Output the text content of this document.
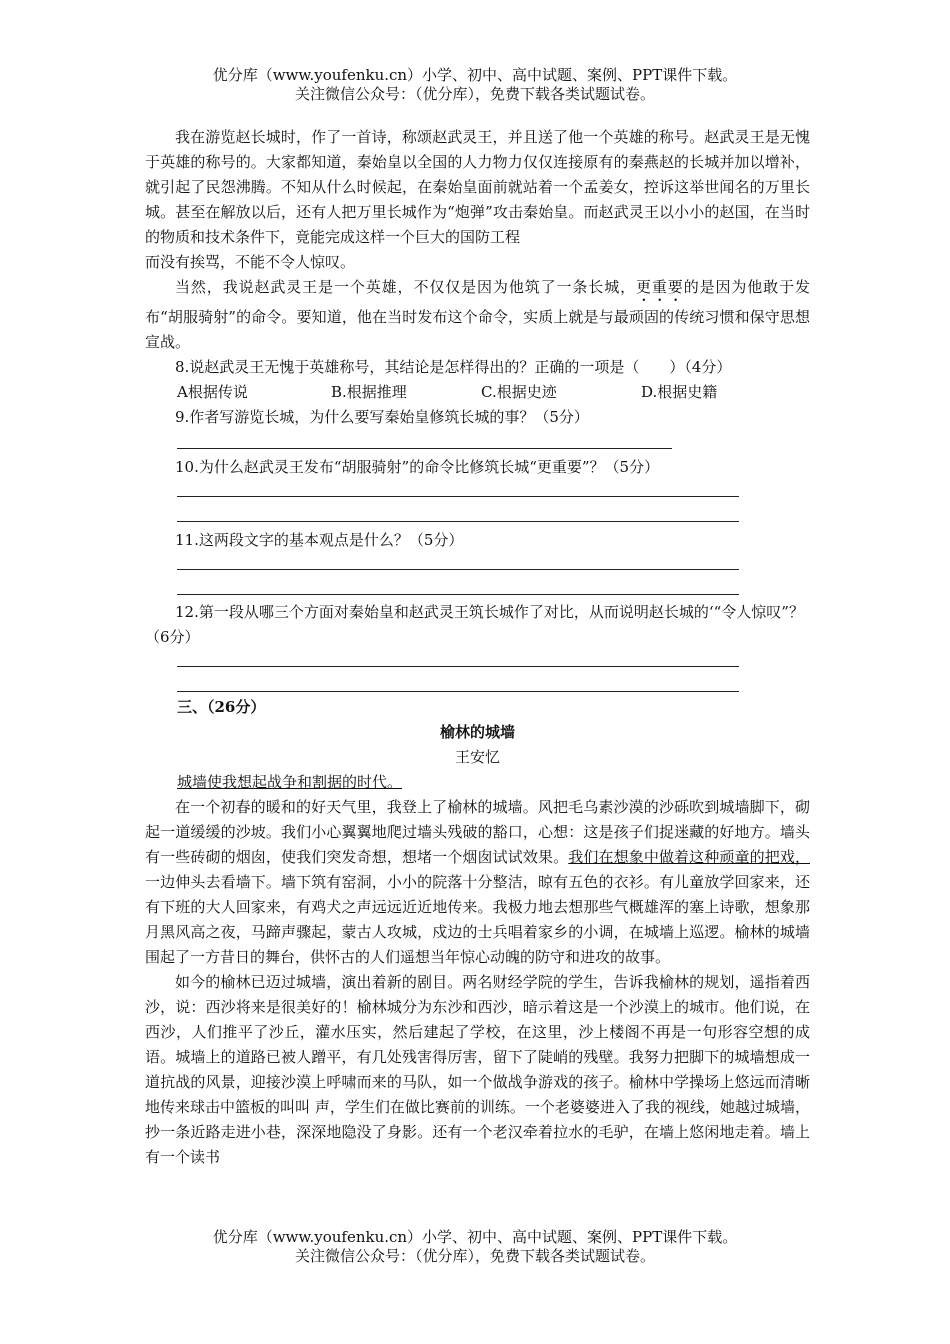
优分库（www.youfenku.cn）小学、初中、高中试题、案例、PPT课件下载。
关注微信公众号：（优分库），免费下载各类试题试卷。

我在游览赵长城时，作了一首诗，称颂赵武灵王，并且送了他一个英雄的称号。赵武灵王是无愧于英雄的称号的。大家都知道，秦始皇以全国的人力物力仅仅连接原有的秦燕赵的长城并加以增补，就引起了民怨沸腾。不知从什么时候起，在秦始皇面前就站着一个孟姜女，控诉这举世闻名的万里长城。甚至在解放以后，还有人把万里长城作为“炮弹”攻击秦始皇。而赵武灵王以小小的赵国，在当时的物质和技术条件下，竟能完成这样一个巨大的国防工程

而没有挨骂，不能不令人惊叹。

当然，我说赵武灵王是一个英雄，不仅仅是因为他筑了一条长城，更重要的是因为他敢于发布“胡服骑射”的命令。要知道，他在当时发布这个命令，实质上就是与最顽固的传统习惯和保守思想宣战。

8.说赵武灵王无愧于英雄称号，其结论是怎样得出的？正确的一项是（　　）（4分）

A根据传说	B.根据推理	C.根据史迹	D.根据史籍

9.作者写游览长城，为什么要写秦始皇修筑长城的事？（5分）

10.为什么赵武灵王发布“胡服骑射”的命令比修筑长城“更重要”？（5分）

11.这两段文字的基本观点是什么？（5分）

12.第一段从哪三个方面对秦始皇和赵武灵王筑长城作了对比，从而说明赵长城的‘“令人惊叹”？（6分）

三、（26分）

榆林的城墙

王安忆

城墙使我想起战争和割据的时代。

在一个初春的暖和的好天气里，我登上了榆林的城墙。风把毛乌素沙漠的沙砾吹到城墙脚下，砌起一道缓缓的沙坡。我们小心翼翼地爬过墙头残破的豁口，心想：这是孩子们捉迷藏的好地方。墙头有一些砖砌的烟囱，使我们突发奇想，想堵一个烟囱试试效果。我们在想象中做着这种顽童的把戏，一边伸头去看墙下。墙下筑有窑洞，小小的院落十分整洁，晾有五色的衣衫。有儿童放学回家来，还有下班的大人回家来，有鸡犬之声远远近近地传来。我极力地去想那些气概雄浑的塞上诗歌，想象那月黑风高之夜，马蹄声骤起，蒙古人攻城，戍边的士兵唱着家乡的小调，在城墙上巡逻。榆林的城墙围起了一方昔日的舞台，供怀古的人们遥想当年惊心动魄的防守和进攻的故事。

如今的榆林已迈过城墙，演出着新的剧目。两名财经学院的学生，告诉我榆林的规划，遥指着西沙，说：西沙将来是很美好的！榆林城分为东沙和西沙，暗示着这是一个沙漠上的城市。他们说，在西沙，人们推平了沙丘，灌水压实，然后建起了学校，在这里，沙上楼阁不再是一句形容空想的成语。城墙上的道路已被人蹭平，有几处残害得厉害，留下了陡峭的残壁。我努力把脚下的城墙想成一道抗战的风景，迎接沙漠上呼啸而来的马队，如一个做战争游戏的孩子。榆林中学操场上悠远而清晰地传来球击中篮板的叫叫 声，学生们在做比赛前的训练。一个老婆婆进入了我的视线，她越过城墙，抄一条近路走进小巷，深深地隐没了身影。还有一个老汉牵着拉水的毛驴，在墙上悠闲地走着。墙上有一个读书

优分库（www.youfenku.cn）小学、初中、高中试题、案例、PPT课件下载。
关注微信公众号：（优分库），免费下载各类试题试卷。
